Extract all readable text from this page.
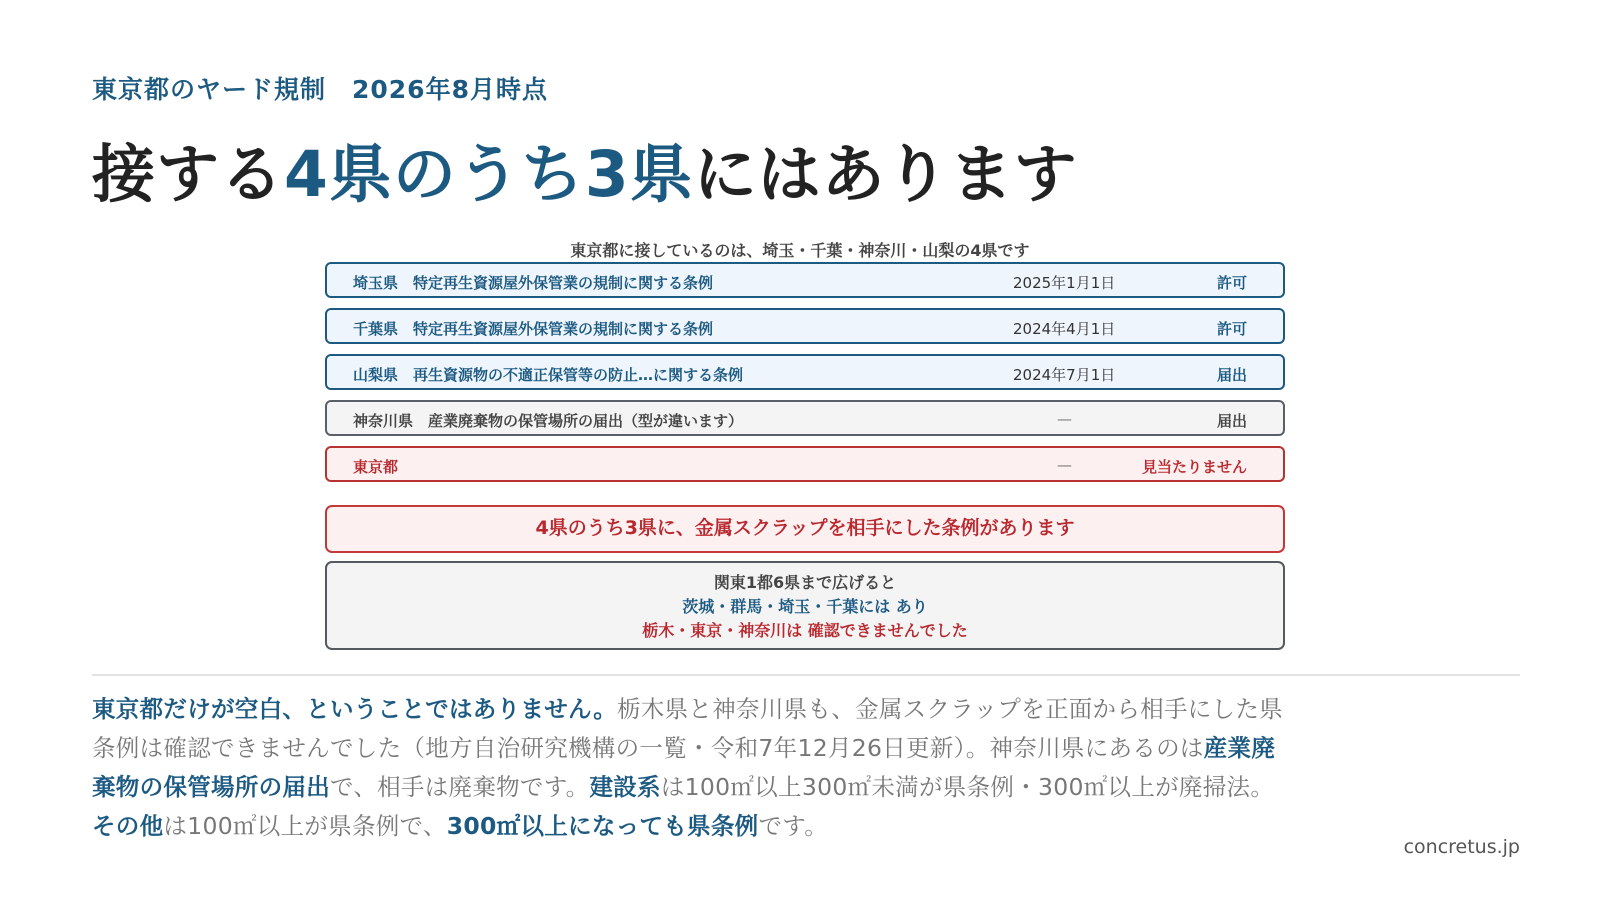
東京都のヤード規制　2026年8月時点
接する4県のうち3県にはあります
東京都に接しているのは、埼玉・千葉・神奈川・山梨の4県です
埼玉県　特定再生資源屋外保管業の規制に関する条例	2025年1月1日	許可
千葉県　特定再生資源屋外保管業の規制に関する条例	2024年4月1日	許可
山梨県　再生資源物の不適正保管等の防止…に関する条例	2024年7月1日	届出
神奈川県　産業廃棄物の保管場所の届出（型が違います）	—	届出
東京都	—	見当たりません
4県のうち3県に、金属スクラップを相手にした条例があります
関東1都6県まで広げると
茨城・群馬・埼玉・千葉には あり
栃木・東京・神奈川は 確認できませんでした
東京都だけが空白、ということではありません。栃木県と神奈川県も、金属スクラップを正面から相手にした県条例は確認できませんでした（地方自治研究機構の一覧・令和7年12月26日更新）。神奈川県にあるのは産業廃棄物の保管場所の届出で、相手は廃棄物です。建設系は100㎡以上300㎡未満が県条例・300㎡以上が廃掃法。その他は100㎡以上が県条例で、300㎡以上になっても県条例です。
concretus.jp
